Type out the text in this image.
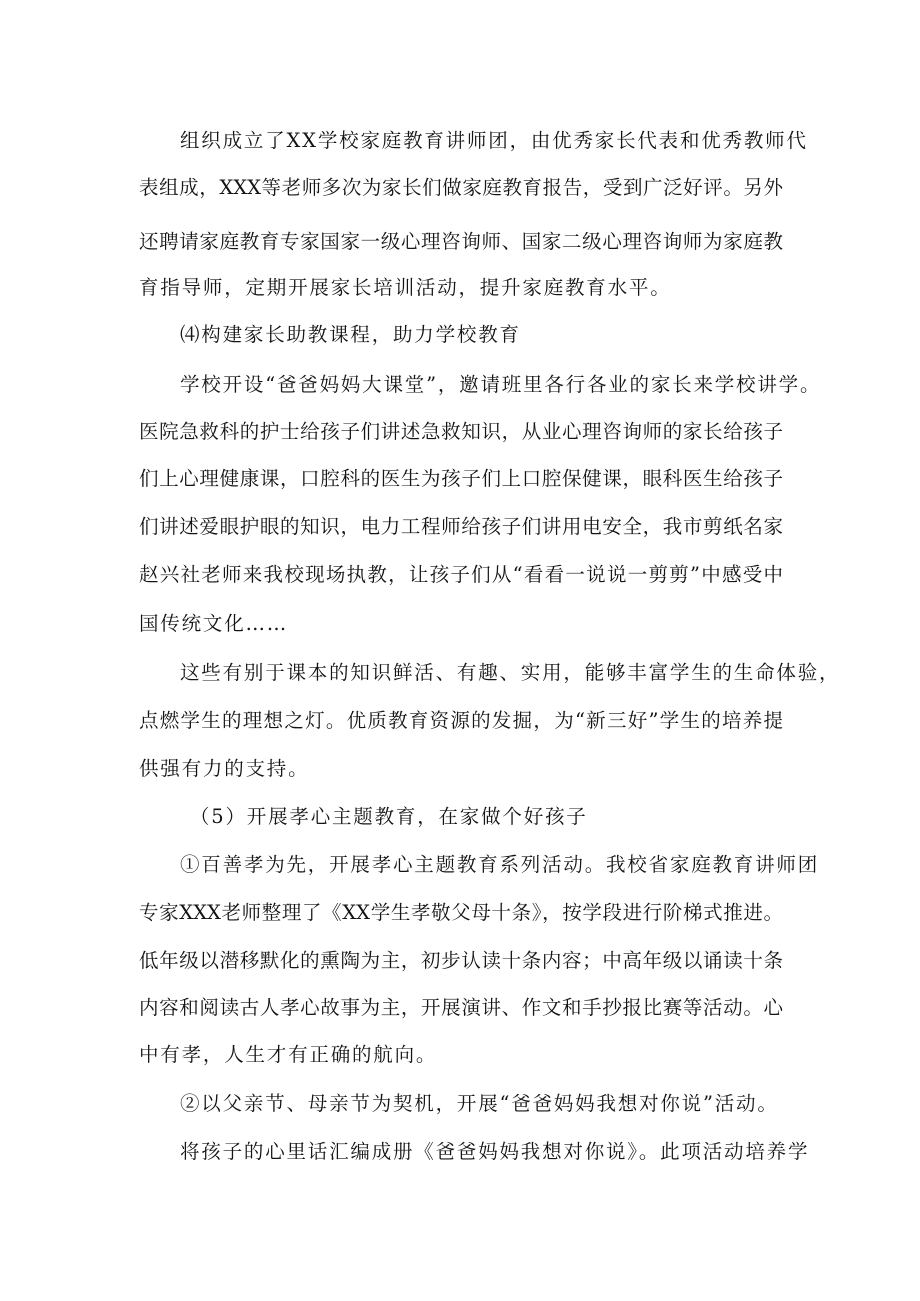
组织成立了XX学校家庭教育讲师团，由优秀家长代表和优秀教师代

表组成，XXX等老师多次为家长们做家庭教育报告，受到广泛好评。另外

还聘请家庭教育专家国家一级心理咨询师、国家二级心理咨询师为家庭教

育指导师，定期开展家长培训活动，提升家庭教育水平。

⑷构建家长助教课程，助力学校教育

学校开设“爸爸妈妈大课堂”，邀请班里各行各业的家长来学校讲学。

医院急救科的护士给孩子们讲述急救知识，从业心理咨询师的家长给孩子

们上心理健康课，口腔科的医生为孩子们上口腔保健课，眼科医生给孩子

们讲述爱眼护眼的知识，电力工程师给孩子们讲用电安全，我市剪纸名家

赵兴社老师来我校现场执教，让孩子们从“看看一说说一剪剪”中感受中

国传统文化……

这些有别于课本的知识鲜活、有趣、实用，能够丰富学生的生命体验，

点燃学生的理想之灯。优质教育资源的发掘，为“新三好”学生的培养提

供强有力的支持。

（5）开展孝心主题教育，在家做个好孩子

①百善孝为先，开展孝心主题教育系列活动。我校省家庭教育讲师团

专家XXX老师整理了《XX学生孝敬父母十条》，按学段进行阶梯式推进。

低年级以潜移默化的熏陶为主，初步认读十条内容；中高年级以诵读十条

内容和阅读古人孝心故事为主，开展演讲、作文和手抄报比赛等活动。心

中有孝，人生才有正确的航向。

②以父亲节、母亲节为契机，开展“爸爸妈妈我想对你说”活动。

将孩子的心里话汇编成册《爸爸妈妈我想对你说》。此项活动培养学
